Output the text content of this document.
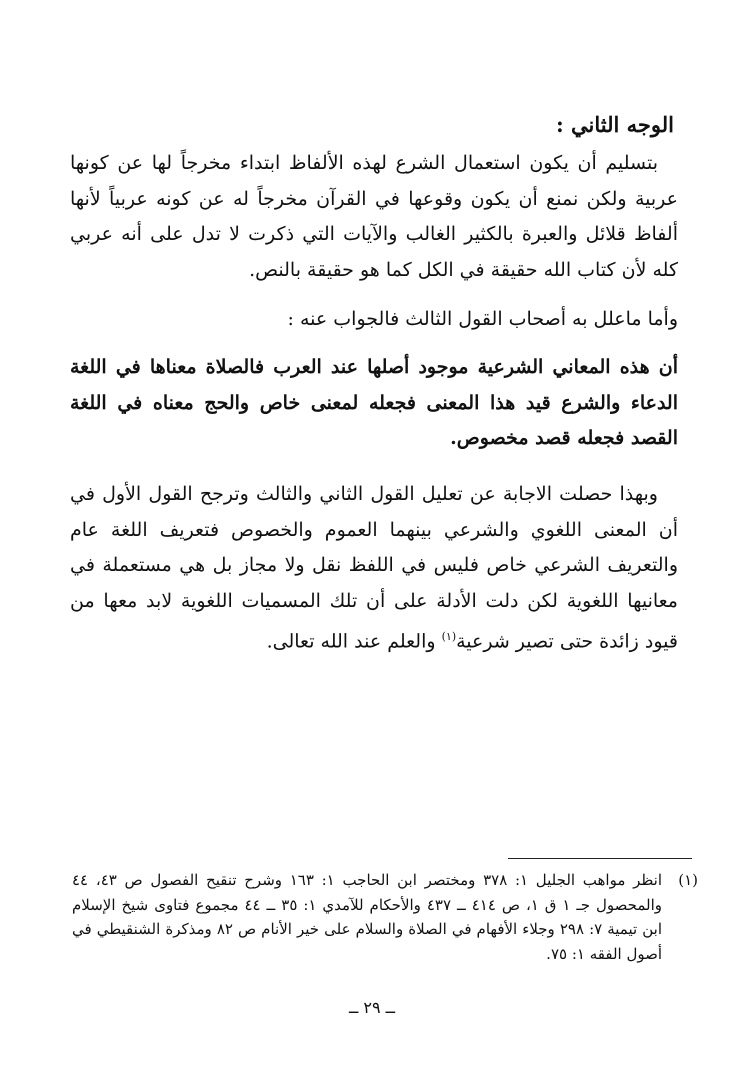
الوجه الثاني :

بتسليم أن يكون استعمال الشرع لهذه الألفاظ ابتداء مخرجاً لها عن كونها عربية ولكن نمنع أن يكون وقوعها في القرآن مخرجاً له عن كونه عربياً لأنها ألفاظ قلائل والعبرة بالكثير الغالب والآيات التي ذكرت لا تدل على أنه عربي كله لأن كتاب الله حقيقة في الكل كما هو حقيقة بالنص.

وأما ماعلل به أصحاب القول الثالث فالجواب عنه :

أن هذه المعاني الشرعية موجود أصلها عند العرب فالصلاة معناها في اللغة الدعاء والشرع قيد هذا المعنى فجعله لمعنى خاص والحج معناه في اللغة القصد فجعله قصد مخصوص.

وبهذا حصلت الاجابة عن تعليل القول الثاني والثالث وترجح القول الأول في أن المعنى اللغوي والشرعي بينهما العموم والخصوص فتعريف اللغة عام والتعريف الشرعي خاص فليس في اللفظ نقل ولا مجاز بل هي مستعملة في معانيها اللغوية لكن دلت الأدلة على أن تلك المسميات اللغوية لابد معها من قيود زائدة حتى تصير شرعية$^{(١)}$ والعلم عند الله تعالى.

(١)
انظر مواهب الجليل ١: ٣٧٨ ومختصر ابن الحاجب ١: ١٦٣ وشرح تنقيح الفصول ص ٤٣، ٤٤ والمحصول جـ ١ ق ١، ص ٤١٤ ــ ٤٣٧ والأحكام للآمدي ١: ٣٥ ــ ٤٤ مجموع فتاوى شيخ الإسلام ابن تيمية ٧: ٢٩٨ وجلاء الأفهام في الصلاة والسلام على خير الأنام ص ٨٢ ومذكرة الشنقيطي في أصول الفقه ١: ٧٥.
ــ ٢٩ ــ
